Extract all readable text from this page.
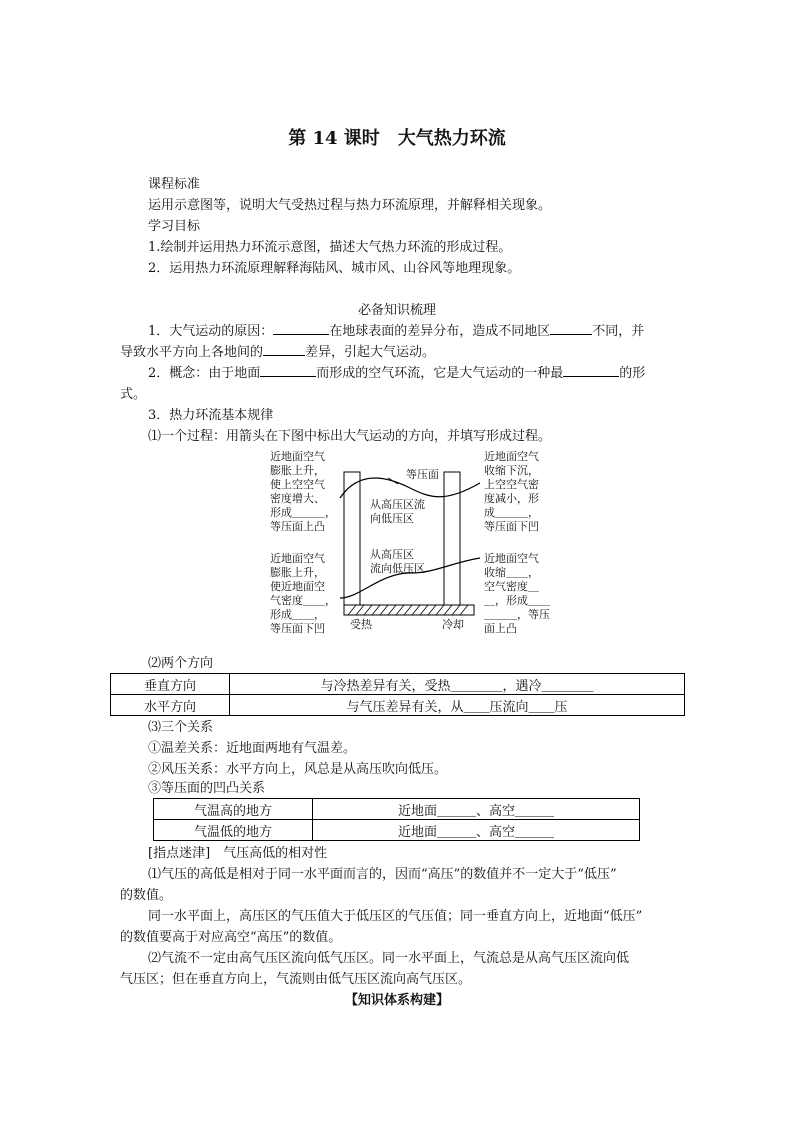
第 14 课时　大气热力环流
课程标准
运用示意图等，说明大气受热过程与热力环流原理，并解释相关现象。
学习目标
1.绘制并运用热力环流示意图，描述大气热力环流的形成过程。
2．运用热力环流原理解释海陆风、城市风、山谷风等地理现象。
必备知识梳理
1．大气运动的原因：	在地球表面的差异分布，造成不同地区	不同，并
导致水平方向上各地间的	差异，引起大气运动。
2．概念：由于地面	而形成的空气环流，它是大气运动的一种最	的形
式。
3．热力环流基本规律
⑴一个过程：用箭头在下图中标出大气运动的方向，并填写形成过程。
等压面
从高压区流
向低压区
从高压区
流向低压区
受热	冷却
近地面空气
膨胀上升，
使上空空气
密度增大、
形成＿＿＿，
等压面上凸
近地面空气
膨胀上升，
使近地面空
气密度＿＿，
形成＿＿，
等压面下凹
近地面空气
收缩下沉，
上空空气密
度减小，形
成＿＿＿，
等压面下凹
近地面空气
收缩＿＿，
空气密度＿
＿，形成＿＿
＿＿＿，等压
面上凸
⑵两个方向
垂直方向	与冷热差异有关，受热＿＿＿＿，遇冷＿＿＿＿
水平方向	与气压差异有关，从＿＿压流向＿＿压
⑶三个关系
①温差关系：近地面两地有气温差。
②风压关系：水平方向上，风总是从高压吹向低压。
③等压面的凹凸关系
气温高的地方	近地面＿＿＿、高空＿＿＿
气温低的地方	近地面＿＿＿、高空＿＿＿
[指点迷津]　气压高低的相对性
⑴气压的高低是相对于同一水平面而言的，因而“高压”的数值并不一定大于“低压”
的数值。
同一水平面上，高压区的气压值大于低压区的气压值；同一垂直方向上，近地面“低压”
的数值要高于对应高空“高压”的数值。
⑵气流不一定由高气压区流向低气压区。同一水平面上，气流总是从高气压区流向低
气压区；但在垂直方向上，气流则由低气压区流向高气压区。
【知识体系构建】
